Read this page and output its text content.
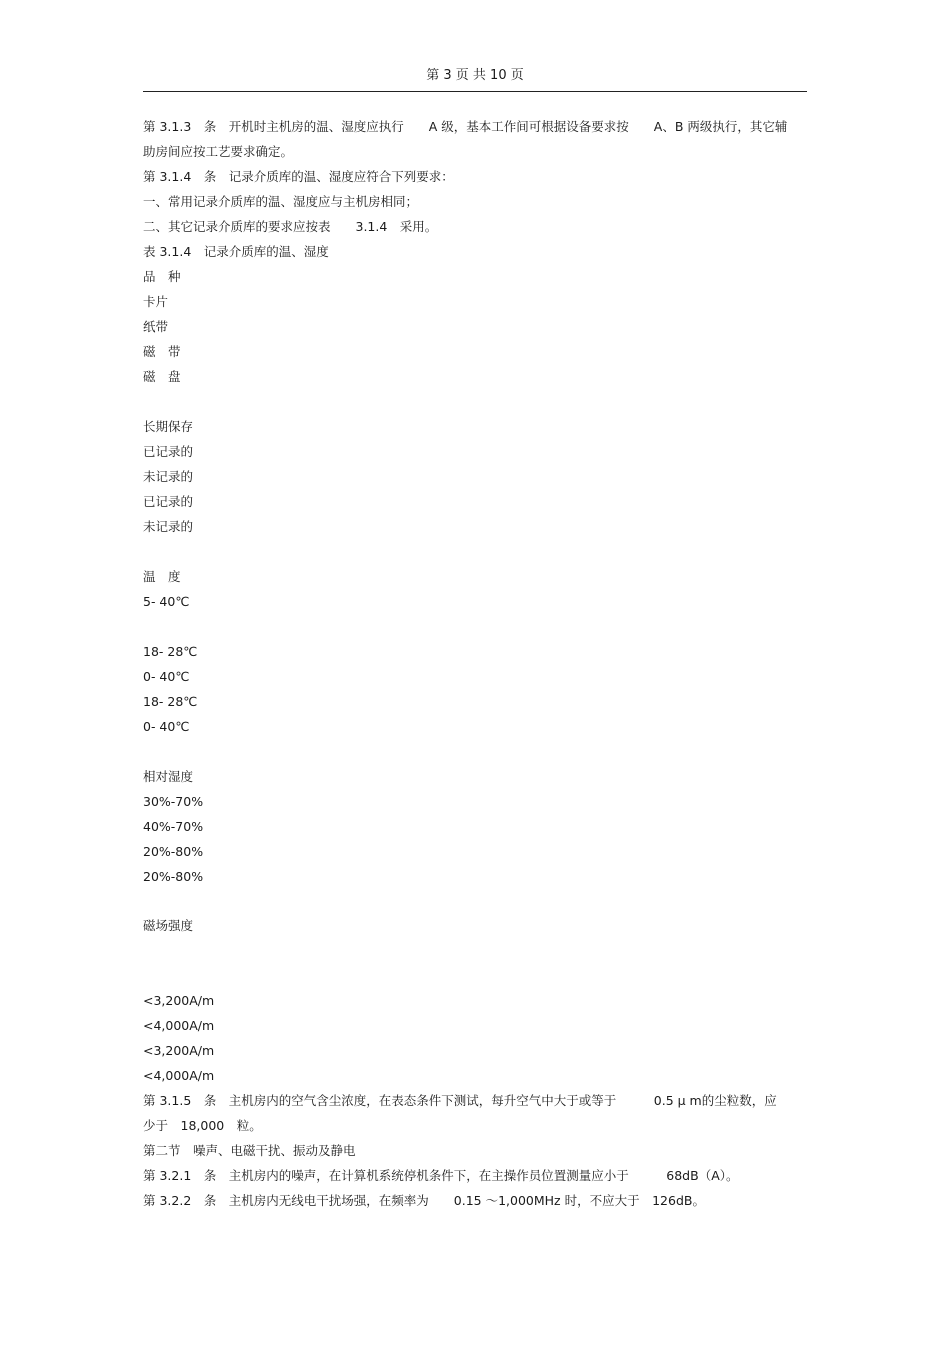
第 3 页 共 10 页
第 3.1.3　条　开机时主机房的温、湿度应执行　　A 级，基本工作间可根据设备要求按　　A、B 两级执行，其它辅
助房间应按工艺要求确定。
第 3.1.4　条　记录介质库的温、湿度应符合下列要求：
一、常用记录介质库的温、湿度应与主机房相同；
二、其它记录介质库的要求应按表　　3.1.4　采用。
表 3.1.4　记录介质库的温、湿度
品　种
卡片
纸带
磁　带
磁　盘
长期保存
已记录的
未记录的
已记录的
未记录的
温　度
5- 40℃
18- 28℃
0- 40℃
18- 28℃
0- 40℃
相对湿度
30%-70%
40%-70%
20%-80%
20%-80%
磁场强度
<3,200A/m
<4,000A/m
<3,200A/m
<4,000A/m
第 3.1.5　条　主机房内的空气含尘浓度，在表态条件下测试，每升空气中大于或等于　　　0.5 μ m的尘粒数，应
少于　18,000　粒。
第二节　噪声、电磁干扰、振动及静电
第 3.2.1　条　主机房内的噪声，在计算机系统停机条件下，在主操作员位置测量应小于　　　68dB（A）。
第 3.2.2　条　主机房内无线电干扰场强，在频率为　　0.15 ～1,000MHz 时，不应大于　126dB。
